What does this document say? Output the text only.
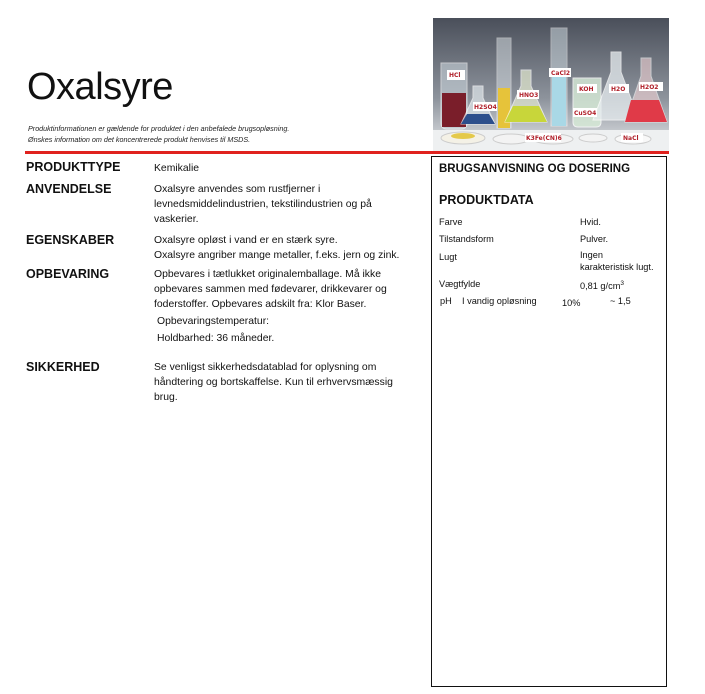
Oxalsyre
Produktinformationen er gældende for produktet i den anbefalede brugsopløsning.
Ønskes information om det koncentrerede produkt henvises til MSDS.
HCl
H2SO4
HNO3
CaCl2
KOH
CuSO4
H2O H2O2
NaCl
K3Fe(CN)6
PRODUKTTYPE	Kemikalie
ANVENDELSE	Oxalsyre anvendes som rustfjerner i
levnedsmiddelindustrien, tekstilindustrien og på
vaskerier.
EGENSKABER	Oxalsyre opløst i vand er en stærk syre.
Oxalsyre angriber mange metaller, f.eks. jern og zink.
OPBEVARING	Opbevares i tætlukket originalemballage. Må ikke
opbevares sammen med fødevarer, drikkevarer og
foderstoffer. Opbevares adskilt fra: Klor Baser.
Opbevaringstemperatur:
Holdbarhed: 36 måneder.
SIKKERHED	Se venligst sikkerhedsdatablad for oplysning om
håndtering og bortskaffelse. Kun til erhvervsmæssig
brug.
BRUGSANVISNING OG DOSERING
PRODUKTDATA
Farve	Hvid.
Tilstandsform	Pulver.
Lugt	Ingen
karakteristisk lugt.
Vægtfylde	0,81 $g/cm^3$
pH I vandig opløsning	10%	~ 1,5
